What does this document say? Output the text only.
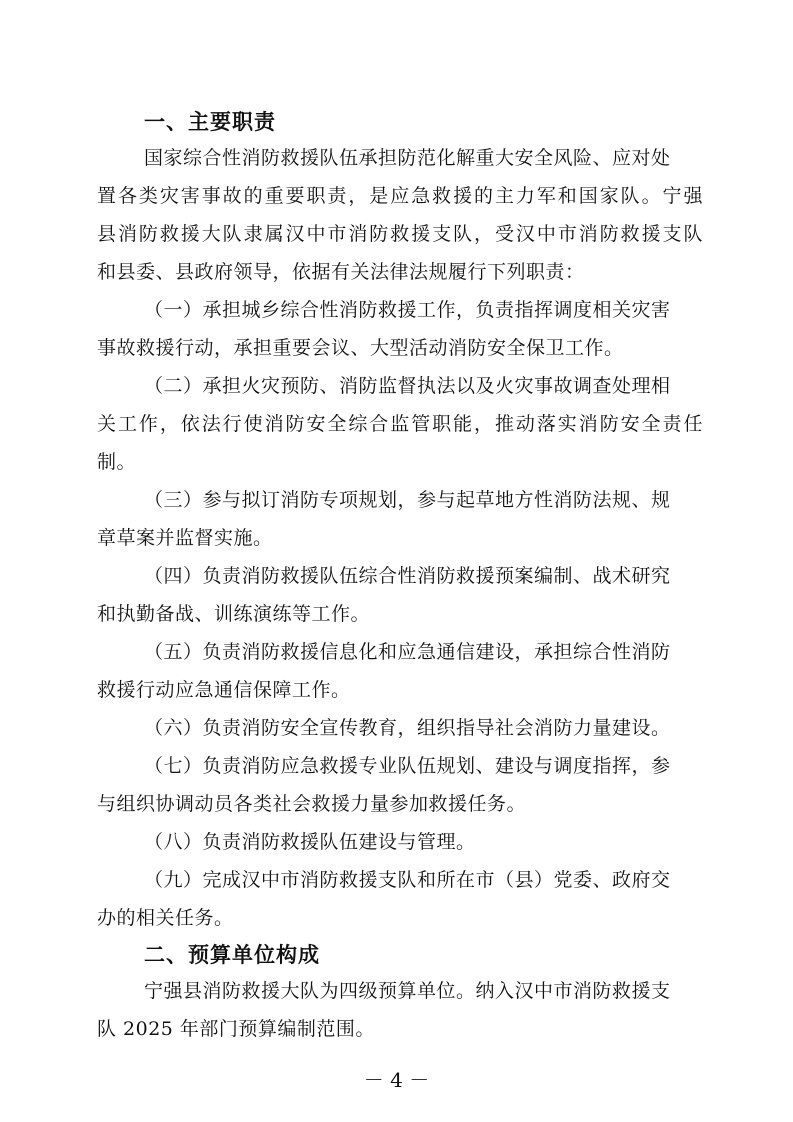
一、主要职责
国家综合性消防救援队伍承担防范化解重大安全风险、应对处
置各类灾害事故的重要职责，是应急救援的主力军和国家队。宁强
县消防救援大队隶属汉中市消防救援支队，受汉中市消防救援支队
和县委、县政府领导，依据有关法律法规履行下列职责：
（一）承担城乡综合性消防救援工作，负责指挥调度相关灾害
事故救援行动，承担重要会议、大型活动消防安全保卫工作。
（二）承担火灾预防、消防监督执法以及火灾事故调查处理相
关工作，依法行使消防安全综合监管职能，推动落实消防安全责任
制。
（三）参与拟订消防专项规划，参与起草地方性消防法规、规
章草案并监督实施。
（四）负责消防救援队伍综合性消防救援预案编制、战术研究
和执勤备战、训练演练等工作。
（五）负责消防救援信息化和应急通信建设，承担综合性消防
救援行动应急通信保障工作。
（六）负责消防安全宣传教育，组织指导社会消防力量建设。
（七）负责消防应急救援专业队伍规划、建设与调度指挥，参
与组织协调动员各类社会救援力量参加救援任务。
（八）负责消防救援队伍建设与管理。
（九）完成汉中市消防救援支队和所在市（县）党委、政府交
办的相关任务。
二、预算单位构成
宁强县消防救援大队为四级预算单位。纳入汉中市消防救援支
队 2025 年部门预算编制范围。
－ 4 －
